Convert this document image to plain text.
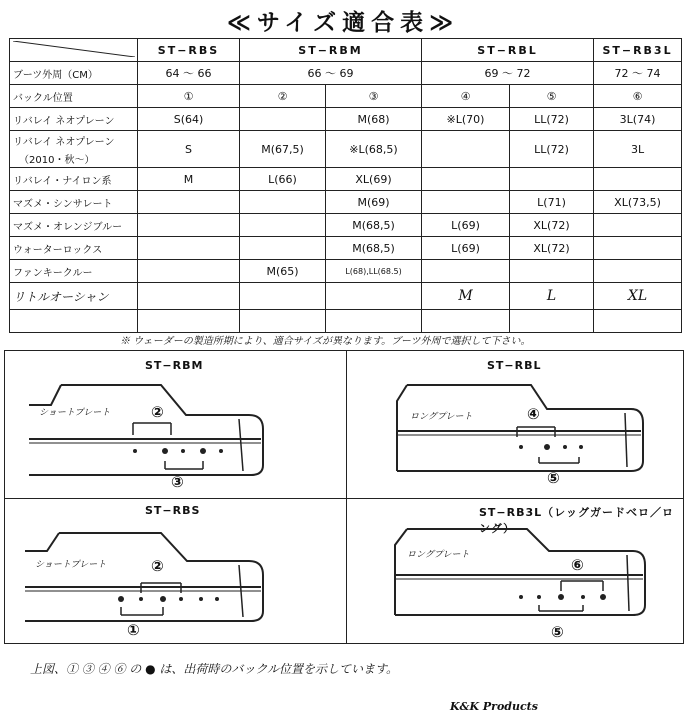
≪サイズ適合表≫
	ST−RBS	ST−RBM		ST−RBL		ST−RB3L
ブーツ外周（CM）	64 〜 66	66 〜 69		69 〜 72		72 〜 74
バックル位置	①	②	③	④	⑤	⑥
リバレイ ネオプレーン	S(64)		M(68)	※L(70)	LL(72)	3L(74)

リバレイ ネオプレーン
（2010・秋〜）	S	M(67,5)	※L(68,5)		LL(72)	3L
リバレイ・ナイロン系	M	L(66)	XL(69)			
マズメ・シンサレート			M(69)		L(71)	XL(73,5)
マズメ・オレンジブルー			M(68,5)	L(69)	XL(72)	
ウォーターロックス			M(68,5)	L(69)	XL(72)	
ファンキークルー		M(65)	L(68),LL(68.5)			
リトルオーシャン				M	L	XL

※ ウェーダーの製造所期により、適合サイズが異なります。ブーツ外周で選択して下さい。
ST−RBM
ショートプレート	②
③
ST−RBL
ロングプレート	④
⑤
ST−RBS
ショートプレート	②
①
ST−RB3L（レッグガードベロ／ロング）
ロングプレート
⑥
⑤
上図、① ③ ④ ⑥ の ● は、出荷時のバックル位置を示しています。
K&K Products
